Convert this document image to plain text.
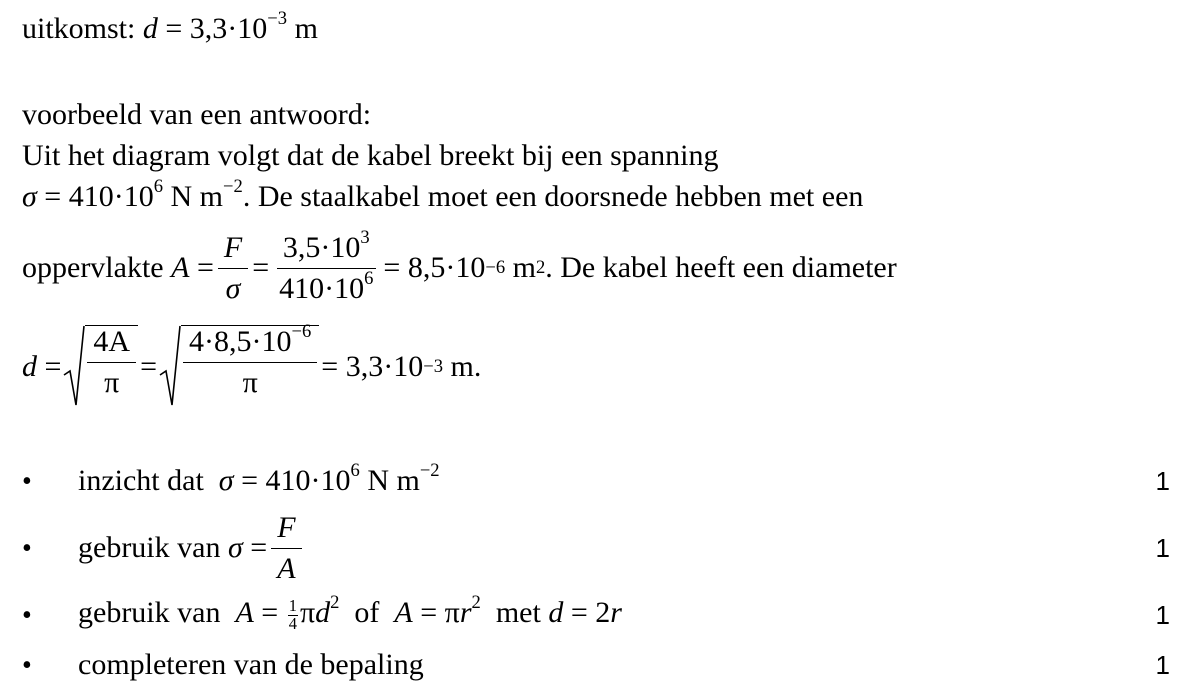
uitkomst: $d = 3,3\cdot 10^{-3}$ m
voorbeeld van een antwoord:
Uit het diagram volgt dat de kabel breekt bij een spanning
$\sigma = 410\cdot 10^6$ N $m^{-2}$. De staalkabel moet een doorsnede hebben met een
oppervlakte
$A = \frac{F}{\sigma} = \frac{3,5\cdot 10^3}{410\cdot 10^6} = 8,5\cdot 10 -6$
m 2 . De kabel heeft een diameter
$d = \frac{4A}{\pi} = \frac{4\cdot 8,5\cdot 10^{-6}}{\pi} = 3,3\cdot 10 -3$
m.
• inzicht dat $\sigma = 410\cdot 10^6$ N $m^{-2}$	1
• gebruik van
$\sigma = \frac{F}{A}$	1
• gebruik van $A = \frac{1}{4} \pi d^2$ of $A = \pi r^2$ met d = 2r	1
• completeren van de bepaling	1
